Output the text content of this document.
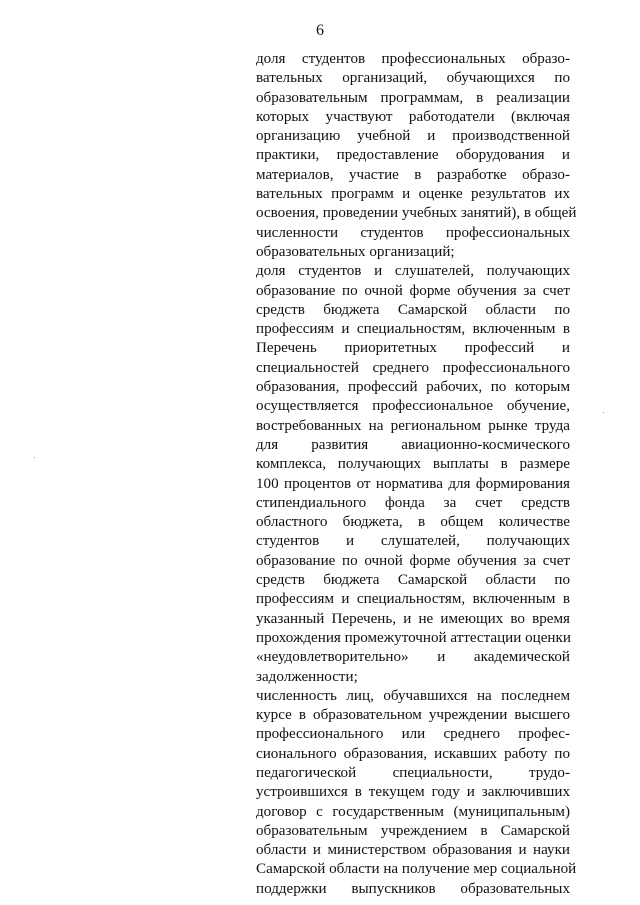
6
доля студентов профессиональных образо-
вательных организаций, обучающихся по
образовательным программам, в реализации
которых участвуют работодатели (включая
организацию учебной и производственной
практики, предоставление оборудования и
материалов, участие в разработке образо-
вательных программ и оценке результатов их
освоения, проведении учебных занятий), в общей
численности студентов профессиональных
образовательных организаций;
доля студентов и слушателей, получающих
образование по очной форме обучения за счет
средств бюджета Самарской области по
профессиям и специальностям, включенным в
Перечень приоритетных профессий и
специальностей среднего профессионального
образования, профессий рабочих, по которым
осуществляется профессиональное обучение,
востребованных на региональном рынке труда
для развития авиационно-космического
комплекса, получающих выплаты в размере
100 процентов от норматива для формирования
стипендиального фонда за счет средств
областного бюджета, в общем количестве
студентов и слушателей, получающих
образование по очной форме обучения за счет
средств бюджета Самарской области по
профессиям и специальностям, включенным в
указанный Перечень, и не имеющих во время
прохождения промежуточной аттестации оценки
«неудовлетворительно» и академической
задолженности;
численность лиц, обучавшихся на последнем
курсе в образовательном учреждении высшего
профессионального или среднего профес-
сионального образования, искавших работу по
педагогической специальности, трудо-
устроившихся в текущем году и заключивших
договор с государственным (муниципальным)
образовательным учреждением в Самарской
области и министерством образования и науки
Самарской области на получение мер социальной
поддержки выпускников образовательных
